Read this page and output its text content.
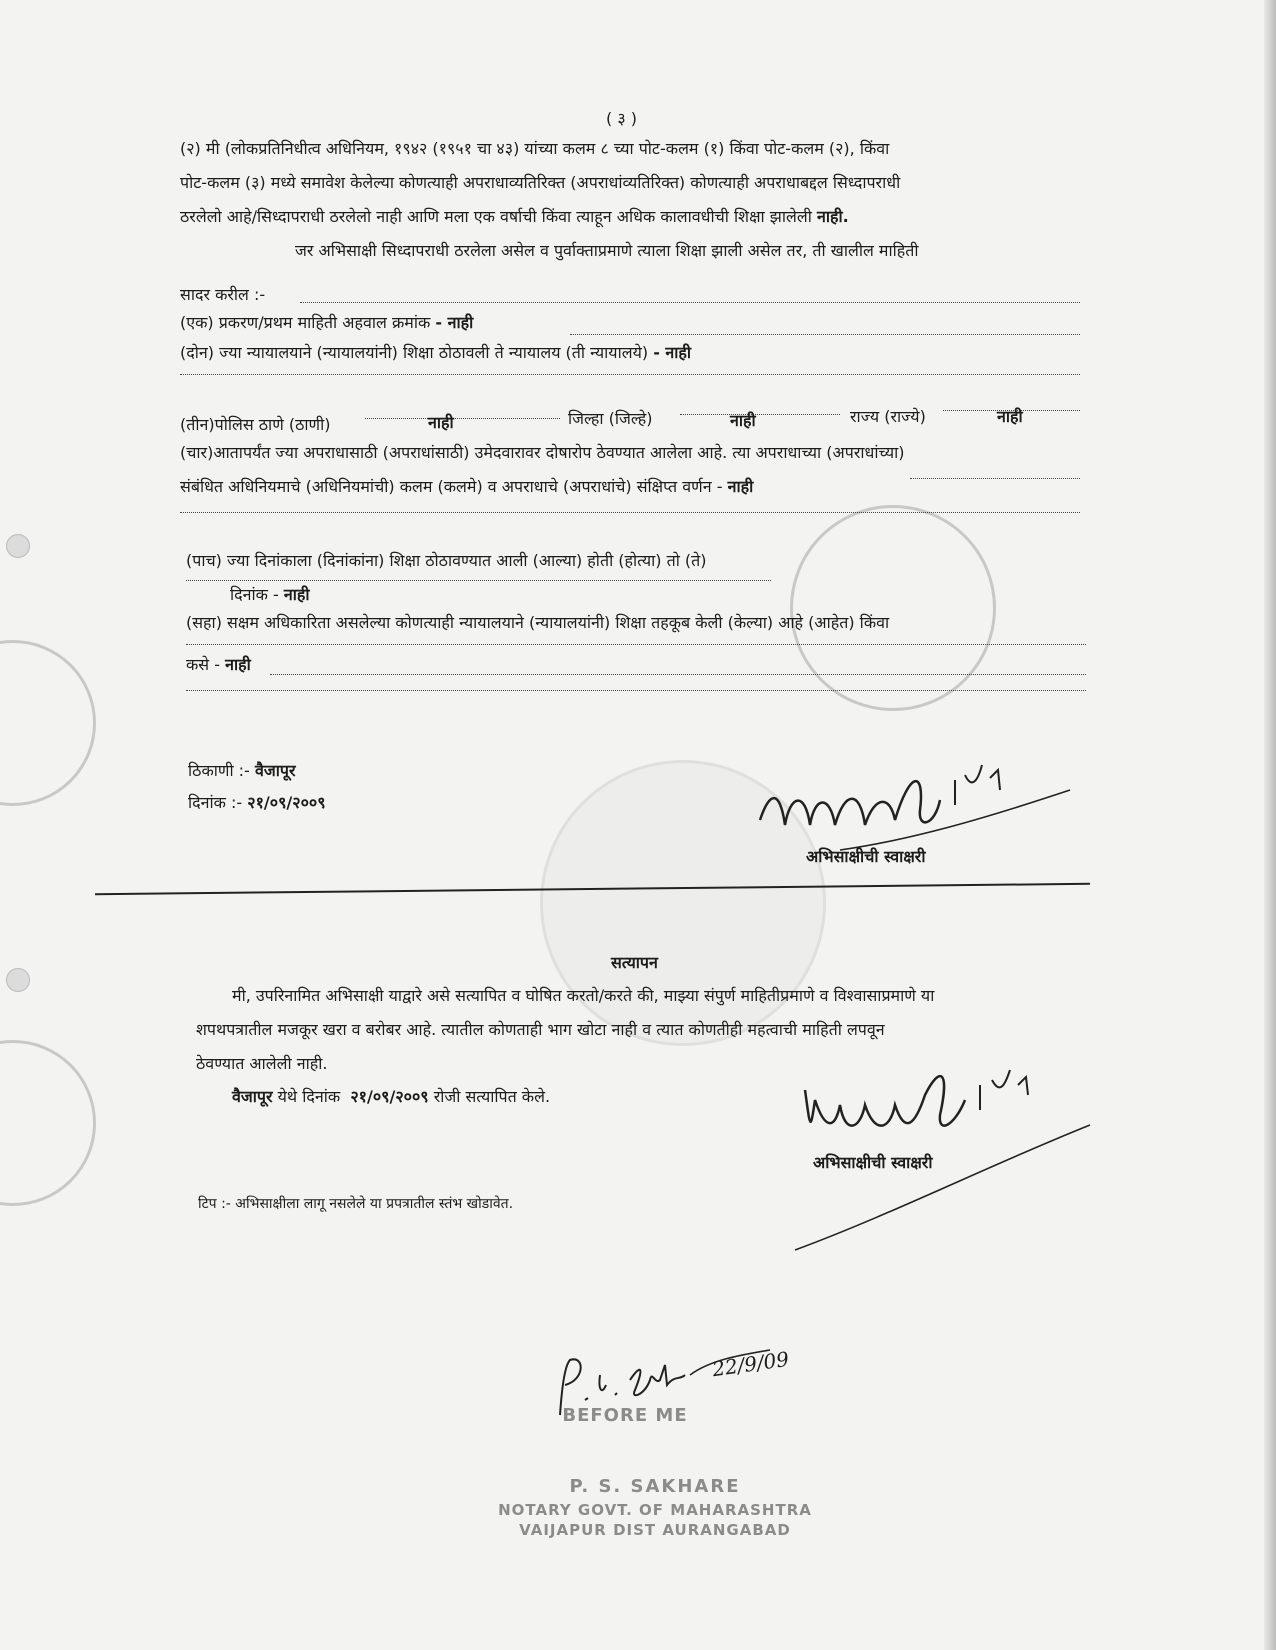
( ३ )
(२) मी (लोकप्रतिनिधीत्व अधिनियम, १९४२ (१९५१ चा ४३) यांच्या कलम ८ च्या पोट-कलम (१) किंवा पोट-कलम (२), किंवा
पोट-कलम (३) मध्ये समावेश केलेल्या कोणत्याही अपराधाव्यतिरिक्त (अपराधांव्यतिरिक्त) कोणत्याही अपराधाबद्दल सिध्दापराधी
ठरलेलो आहे/सिध्दापराधी ठरलेलो नाही आणि मला एक वर्षाची किंवा त्याहून अधिक कालावधीची शिक्षा झालेली नाही.
जर अभिसाक्षी सिध्दापराधी ठरलेला असेल व पुर्वाक्ताप्रमाणे त्याला शिक्षा झाली असेल तर, ती खालील माहिती
सादर करील :-
(एक) प्रकरण/प्रथम माहिती अहवाल क्रमांक - नाही
(दोन) ज्या न्यायालयाने (न्यायालयांनी) शिक्षा ठोठावली ते न्यायालय (ती न्यायालये) - नाही
(तीन)पोलिस ठाणे (ठाणी)	नाही	जिल्हा (जिल्हे)	नाही	राज्य (राज्ये)	नाही
(चार)आतापर्यंत ज्या अपराधासाठी (अपराधांसाठी) उमेदवारावर दोषारोप ठेवण्यात आलेला आहे. त्या अपराधाच्या (अपराधांच्या)
संबंधित अधिनियमाचे (अधिनियमांची) कलम (कलमे) व अपराधाचे (अपराधांचे) संक्षिप्त वर्णन - नाही
(पाच) ज्या दिनांकाला (दिनांकांना) शिक्षा ठोठावण्यात आली (आल्या) होती (होत्या) तो (ते)
दिनांक - नाही
(सहा) सक्षम अधिकारिता असलेल्या कोणत्याही न्यायालयाने (न्यायालयांनी) शिक्षा तहकूब केली (केल्या) आहे (आहेत) किंवा
कसे - नाही
ठिकाणी :- वैजापूर
दिनांक :- २१/०९/२००९
अभिसाक्षीची स्वाक्षरी
सत्यापन
मी, उपरिनामित अभिसाक्षी याद्वारे असे सत्यापित व घोषित करतो/करते की, माझ्या संपुर्ण माहितीप्रमाणे व विश्वासाप्रमाणे या
शपथपत्रातील मजकूर खरा व बरोबर आहे. त्यातील कोणताही भाग खोटा नाही व त्यात कोणतीही महत्वाची माहिती लपवून
ठेवण्यात आलेली नाही.
वैजापूर येथे दिनांक २१/०९/२००९ रोजी सत्यापित केले.
अभिसाक्षीची स्वाक्षरी
टिप :- अभिसाक्षीला लागू नसलेले या प्रपत्रातील स्तंभ खोडावेत.
BEFORE ME
P. S. SAKHARE
NOTARY GOVT. OF MAHARASHTRA
VAIJAPUR DIST AURANGABAD
22/9/09
